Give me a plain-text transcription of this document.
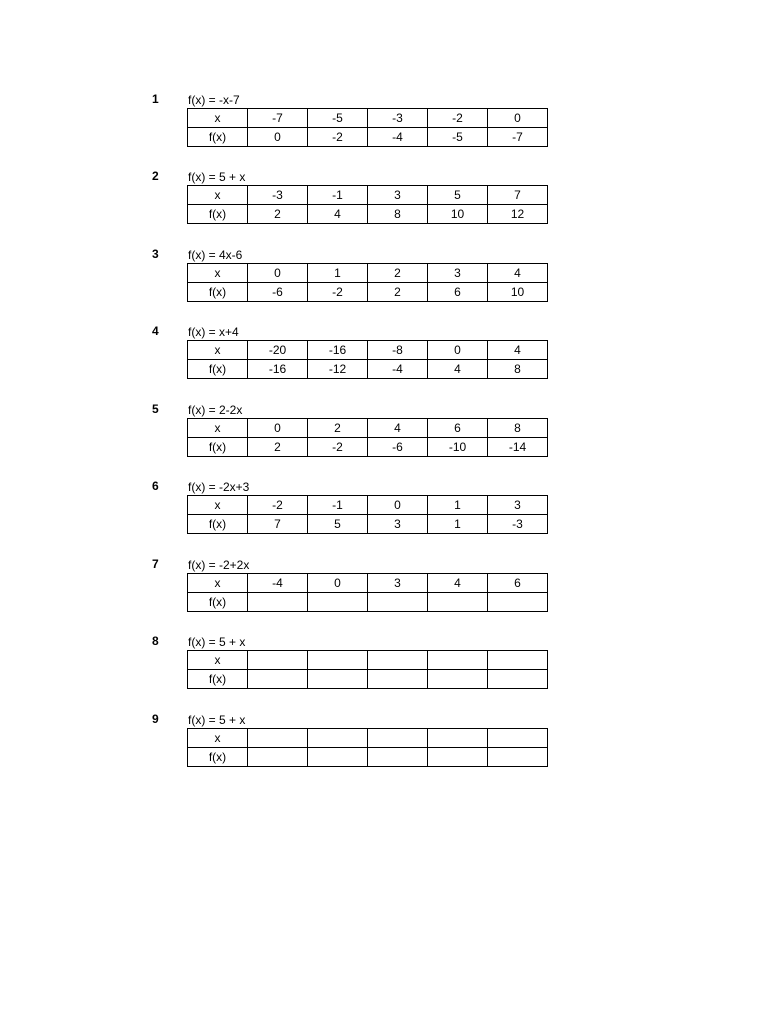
1 f(x) = -x-7
x	-7	-5	-3	-2	0
f(x)	0	-2	-4	-5	-7
2 f(x) = 5 + x
x	-3	-1	3	5	7
f(x)	2	4	8	10	12
3 f(x) = 4x-6
x	0	1	2	3	4
f(x)	-6	-2	2	6	10
4 f(x) = x+4
x	-20	-16	-8	0	4
f(x)	-16	-12	-4	4	8
5 f(x) = 2-2x
x	0	2	4	6	8
f(x)	2	-2	-6	-10	-14
6 f(x) = -2x+3
x	-2	-1	0	1	3
f(x)	7	5	3	1	-3
7 f(x) = -2+2x
x	-4	0	3	4	6
f(x)					
8 f(x) = 5 + x
x					
f(x)					
9 f(x) = 5 + x
x					
f(x)					
